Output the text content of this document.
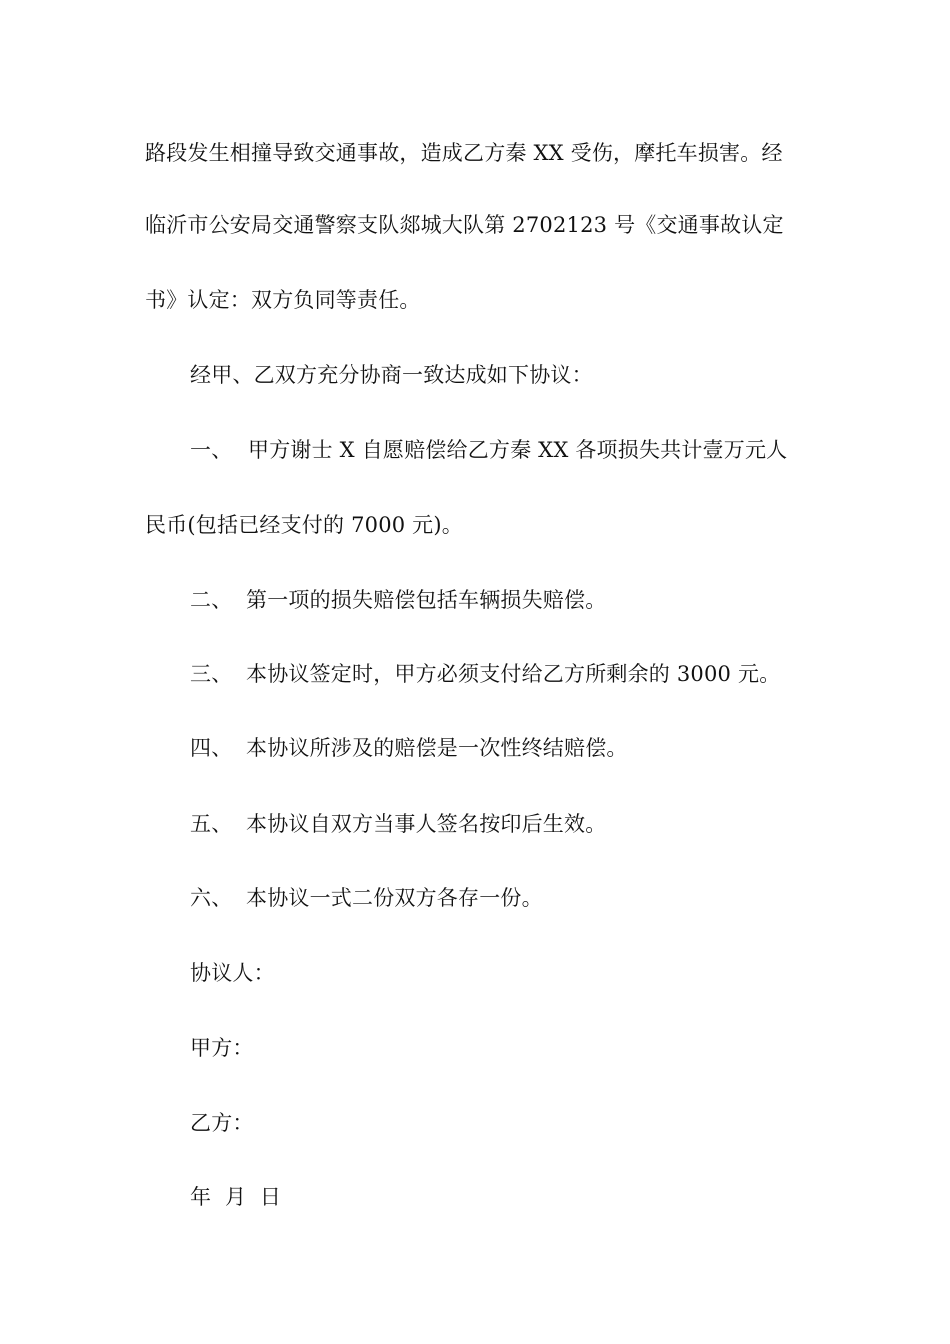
路段发生相撞导致交通事故，造成乙方秦 XX 受伤，摩托车损害。经
临沂市公安局交通警察支队郯城大队第 2702123 号《交通事故认定
书》认定：双方负同等责任。
经甲、乙双方充分协商一致达成如下协议：
一、 甲方谢士 X 自愿赔偿给乙方秦 XX 各项损失共计壹万元人
民币(包括已经支付的 7000 元)。
二、 第一项的损失赔偿包括车辆损失赔偿。
三、 本协议签定时，甲方必须支付给乙方所剩余的 3000 元。
四、 本协议所涉及的赔偿是一次性终结赔偿。
五、 本协议自双方当事人签名按印后生效。
六、 本协议一式二份双方各存一份。
协议人：
甲方：
乙方：
年  月  日
